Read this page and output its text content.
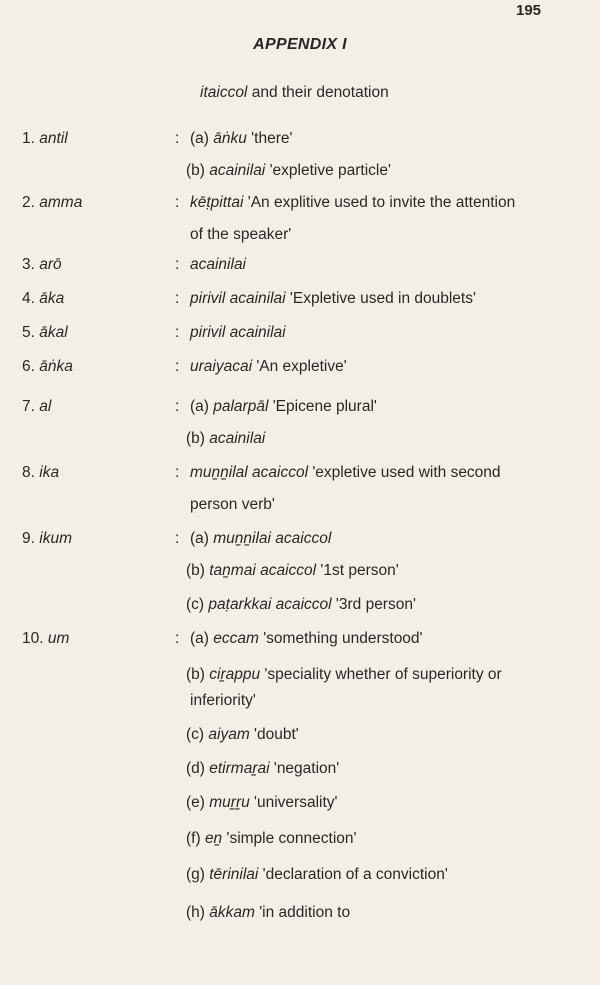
195
APPENDIX I
itaiccol and their denotation
1. antil	: (a) āṅku 'there'
(b) acainilai 'expletive particle'
2. amma	: kēṭpittai 'An explitive used to invite the attention
of the speaker'
3. arō	: acainilai
4. āka	: pirivil acainilai 'Expletive used in doublets'
5. ākal	: pirivil acainilai
6. āṅka	: uraiyacai 'An expletive'
7. al	: (a) palarpāl 'Epicene plural'
(b) acainilai
8. ika	: muṉṉilal acaiccol 'expletive used with second
person verb'
9. ikum	: (a) muṉṉilai acaiccol
(b) taṉmai acaiccol '1st person'
(c) paṭarkkai acaiccol '3rd person'
10. um	: (a) eccam 'something understood'
(b) ciṟappu 'speciality whether of superiority or
inferiority'
(c) aiyam 'doubt'
(d) etirmaṟai 'negation'
(e) muṟṟu 'universality'
(f) eṉ 'simple connection'
(g) tērinilai 'declaration of a conviction'
(h) ākkam 'in addition to
